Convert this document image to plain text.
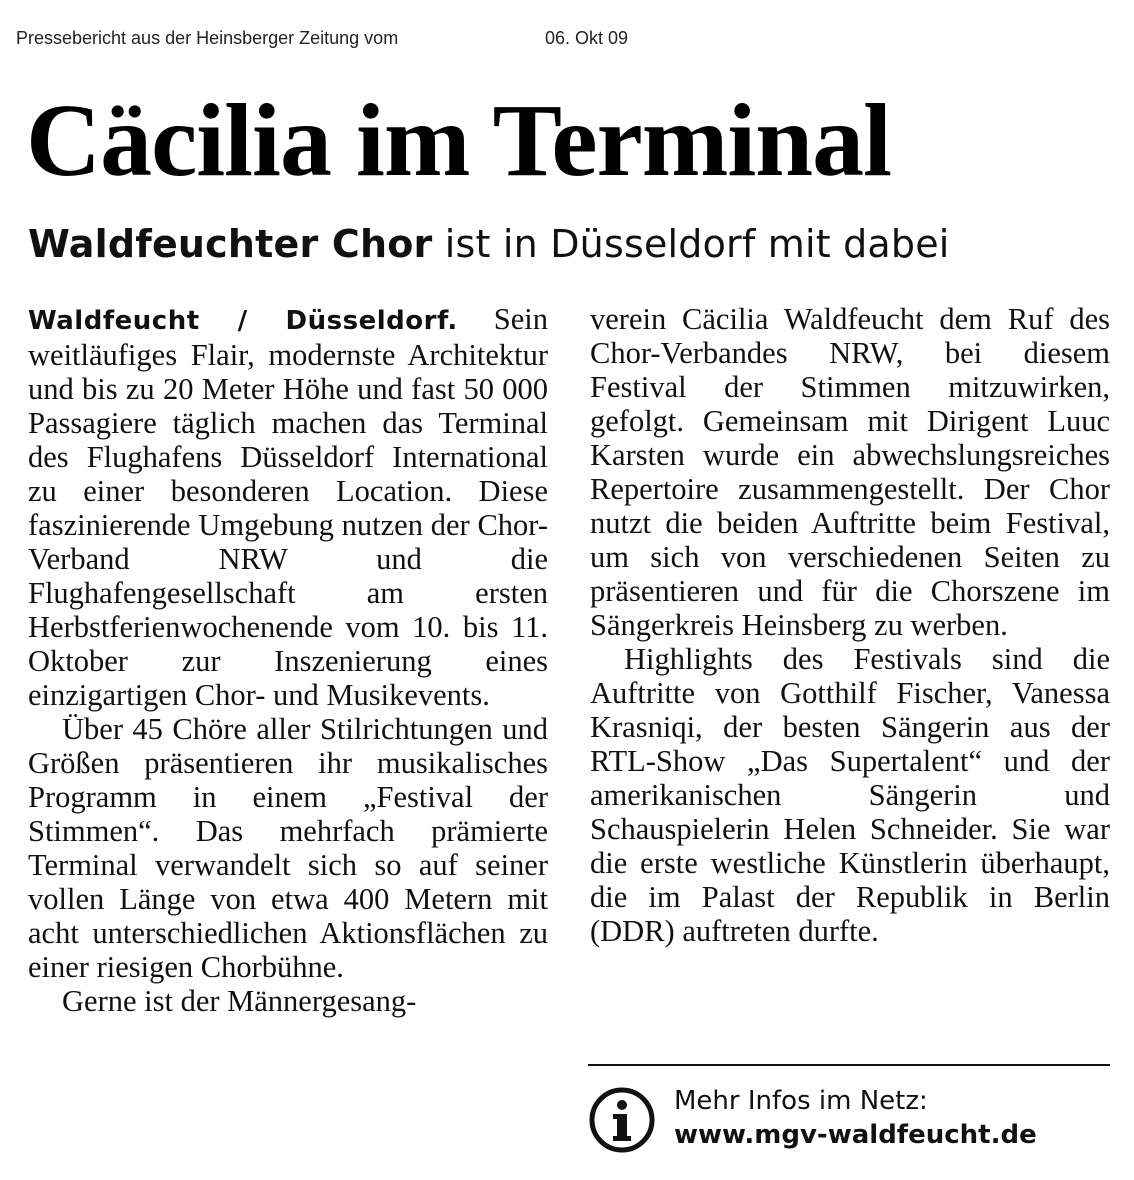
Pressebericht aus der Heinsberger Zeitung vom	06. Okt 09
Cäcilia im Terminal
Waldfeuchter Chor ist in Düsseldorf mit dabei

Waldfeucht / Düsseldorf. Sein weitläufiges Flair, modernste Architektur und bis zu 20 Meter Höhe und fast 50 000 Passagiere täglich machen das Terminal des Flughafens Düsseldorf International zu einer besonderen Location. Diese faszinierende Umgebung nutzen der Chor-Verband NRW und die Flughafengesellschaft am ersten Herbstferienwochenende vom 10. bis 11. Oktober zur Inszenierung eines einzigartigen Chor- und Musikevents.

Über 45 Chöre aller Stilrichtungen und Größen präsentieren ihr musikalisches Programm in einem „Festival der Stimmen“. Das mehrfach prämierte Terminal verwandelt sich so auf seiner vollen Länge von etwa 400 Metern mit acht unterschiedlichen Aktionsflächen zu einer riesigen Chorbühne.

Gerne ist der Männergesang-

verein Cäcilia Waldfeucht dem Ruf des Chor-Verbandes NRW, bei diesem Festival der Stimmen mitzuwirken, gefolgt. Gemeinsam mit Dirigent Luuc Karsten wurde ein abwechslungsreiches Repertoire zusammengestellt. Der Chor nutzt die beiden Auftritte beim Festival, um sich von verschiedenen Seiten zu präsentieren und für die Chorszene im Sängerkreis Heinsberg zu werben.

Highlights des Festivals sind die Auftritte von Gotthilf Fischer, Vanessa Krasniqi, der besten Sängerin aus der RTL-Show „Das Supertalent“ und der amerikanischen Sängerin und Schauspielerin Helen Schneider. Sie war die erste westliche Künstlerin überhaupt, die im Palast der Republik in Berlin (DDR) auftreten durfte.

Mehr Infos im Netz:
www.mgv-waldfeucht.de
